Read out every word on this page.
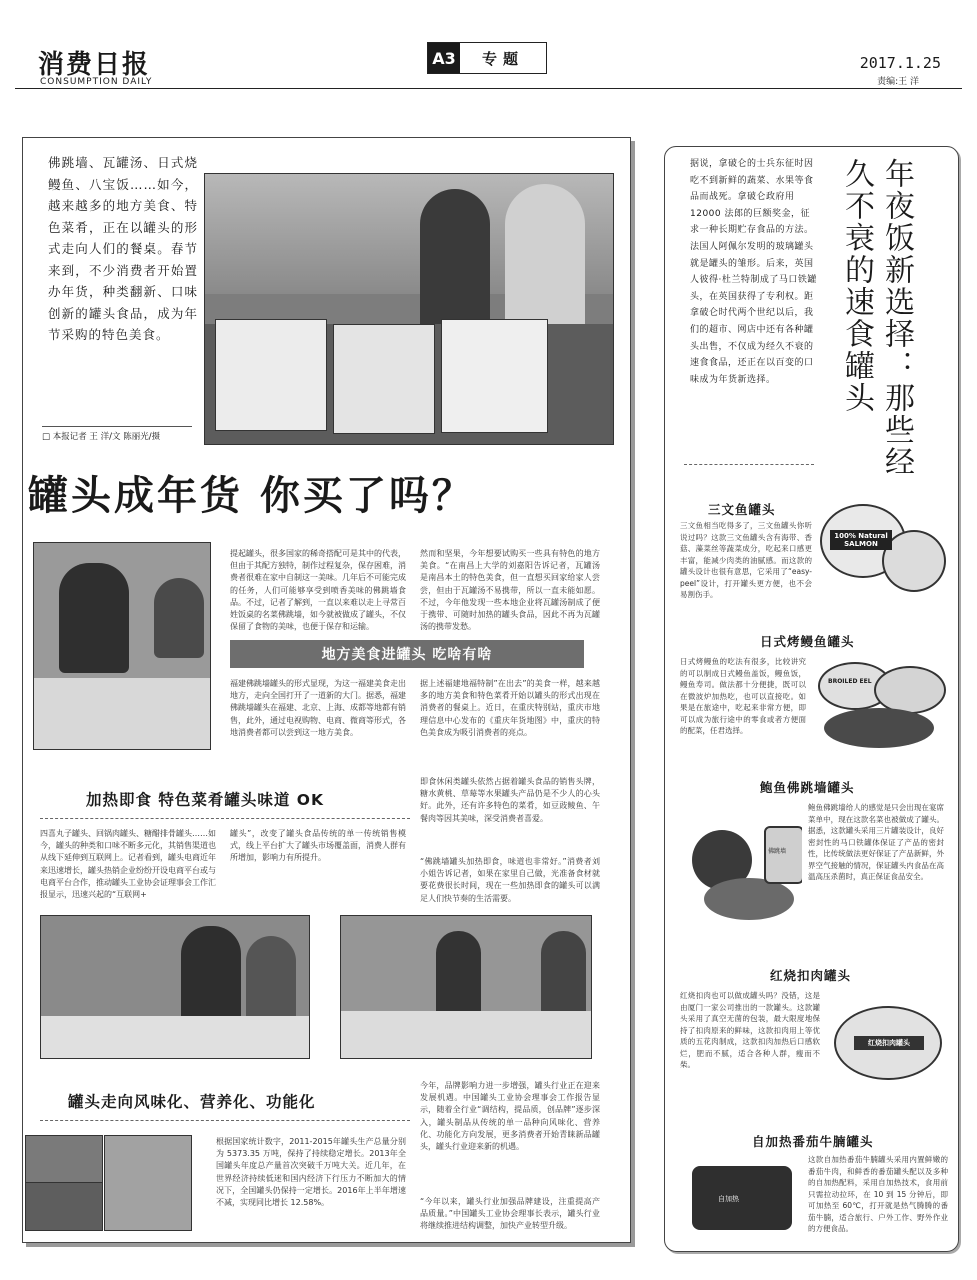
消费日报
CONSUMPTION DAILY
A3	专题	2017.1.25
责编:王 洋
佛跳墙、瓦罐汤、日式烧鳗鱼、八宝饭……如今，越来越多的地方美食、特色菜肴，正在以罐头的形式走向人们的餐桌。春节来到，不少消费者开始置办年货，种类翻新、口味创新的罐头食品，成为年节采购的特色美食。
□ 本报记者 王 洋/文 陈丽光/摄
罐头成年货 你买了吗？
提起罐头，很多国家的稀奇搭配可是其中的代表，但由于其配方独特，制作过程复杂，保存困难，消费者很难在家中自制这一美味。几年后不可能完成的任务，人们可能够享受到喷香美味的佛跳墙食品。不过，记者了解到，一直以来难以走上寻常百姓饭桌的名菜佛跳墙，如今就被做成了罐头，不仅保留了食物的美味，也便于保存和运输。
然而和坚果，今年想要试购买一些具有特色的地方美食。“在南昌上大学的刘嘉阳告诉记者，瓦罐汤是南昌本土的特色美食，但一直想买回家给家人尝尝，但由于瓦罐汤不易携带，所以一直未能如愿。不过，今年他发现一些本地企业将瓦罐汤制成了便于携带、可随时加热的罐头食品，因此不再为瓦罐汤的携带发愁。
地方美食进罐头 吃啥有啥
福建佛跳墙罐头的形式显现，为这一福建美食走出地方，走向全国打开了一道新的大门。据悉，福建佛跳墙罐头在福建、北京、上海、成都等地都有销售，此外，通过电视购物、电商、微商等形式，各地消费者都可以尝到这一地方美食。
据上述福建地福特制”在出去”的美食一样，越来越多的地方美食和特色菜肴开始以罐头的形式出现在消费者的餐桌上。近日，在重庆特别站，重庆市地理信息中心发布的《重庆年货地图》中，重庆的特色美食成为吸引消费者的亮点。
加热即食 特色菜肴罐头味道 OK
四喜丸子罐头、回锅肉罐头、糖醋排骨罐头……如今，罐头的种类和口味不断多元化，其销售渠道也从线下延伸到互联网上。记者看到，罐头电商近年来迅速增长，罐头热销企业纷纷开设电商平台或与电商平台合作，推动罐头工业协会证理事会工作汇报显示，迅速兴起的“互联网+
罐头”，改变了罐头食品传统的单一传统销售模式，线上平台扩大了罐头市场覆盖面，消费人群有所增加，影响力有所提升。
即食休闲类罐头依然占据着罐头食品的销售头牌，糖水黄桃、草莓等水果罐头产品仍是不少人的心头好。此外，还有许多特色的菜肴，如豆豉鲮鱼、午餐肉等因其美味，深受消费者喜爱。
“佛跳墙罐头加热即食，味道也非常好。”消费者刘小姐告诉记者，如果在家里自己做，光准备食材就要花费很长时间，现在一些加热即食的罐头可以满足人们快节奏的生活需要。
罐头走向风味化、营养化、功能化
根据国家统计数字，2011-2015年罐头生产总量分别为 5373.35 万吨，保持了持续稳定增长。2013年全国罐头年度总产量首次突破千万吨大关。近几年，在世界经济持续低迷和国内经济下行压力不断加大的情况下，全国罐头仍保持一定增长。2016年上半年增速不减，实现同比增长 12.58%。
今年，品牌影响力进一步增强，罐头行业正在迎来发展机遇。中国罐头工业协会理事会工作报告显示，随着全行业“调结构，提品质，创品牌”逐步深入，罐头制品从传统的单一品种向风味化、营养化、功能化方向发展，更多消费者开始青睐新品罐头，罐头行业迎来新的机遇。
“今年以来，罐头行业加强品牌建设，注重提高产品质量。”中国罐头工业协会理事长表示，罐头行业将继续推进结构调整，加快产业转型升级。
据说，拿破仑的士兵东征时因吃不到新鲜的蔬菜、水果等食品而战死。拿破仑政府用 12000 法郎的巨额奖金，征求一种长期贮存食品的方法。法国人阿佩尔发明的玻璃罐头就是罐头的雏形。后来，英国人彼得·杜兰特制成了马口铁罐头，在英国获得了专利权。距拿破仑时代两个世纪以后，我们的超市、网店中还有各种罐头出售，不仅成为经久不衰的速食食品，还正在以百变的口味成为年货新选择。	年夜饭新选择：那些经久不衰的速食罐头
三文鱼罐头
三文鱼相当吃得多了，三文鱼罐头你听说过吗？这款三文鱼罐头含有海带、香菇、藻菜丝等蔬菜成分，吃起来口感更丰富，能减少肉类的油腻感。而这款的罐头设计也很有意思，它采用了“easy-peel”设计，打开罐头更方便，也不会易割伤手。
100% Natural SALMON
日式烤鳗鱼罐头
日式烤鳗鱼的吃法有很多，比较讲究的可以制成日式鳗鱼盖饭，鳗鱼饭，鳗鱼寿司。做法都十分便捷，既可以在微波炉加热吃，也可以直接吃。如果是在旅途中，吃起来非常方便，即可以成为旅行途中的零食或者方便面的配菜，任君选择。
BROILED EEL
鲍鱼佛跳墙罐头
鲍鱼佛跳墙给人的感觉是只会出现在宴席菜单中，现在这款名菜也被做成了罐头。据悉，这款罐头采用三片罐装设计，良好密封性的马口铁罐体保证了产品的密封性，比传统做法更好保证了产品新鲜，外界空气接触的情况，保证罐头内食品在高温高压杀菌时，真正保证食品安全。
佛跳墙
红烧扣肉罐头
红烧扣肉也可以做成罐头吗？没错，这是由厦门一家公司推出的一款罐头。这款罐头采用了真空无菌的包装，最大限度地保持了扣肉原来的鲜味，这款扣肉用上等优质的五花肉制成，这款扣肉加热后口感软烂，肥而不腻，适合各种人群，瘦而不柴。
红烧扣肉罐头
自加热番茄牛腩罐头
这款自加热番茄牛腩罐头采用内置鲜嫩的番茄牛肉，和鲜香的番茄罐头配以及多种的自加热配料，采用自加热技术，食用前只需拉动拉环，在 10 到 15 分钟后，即可加热至 60℃，打开就是热气腾腾的番茄牛腩，适合旅行、户外工作、野外作业的方便食品。
自加热
